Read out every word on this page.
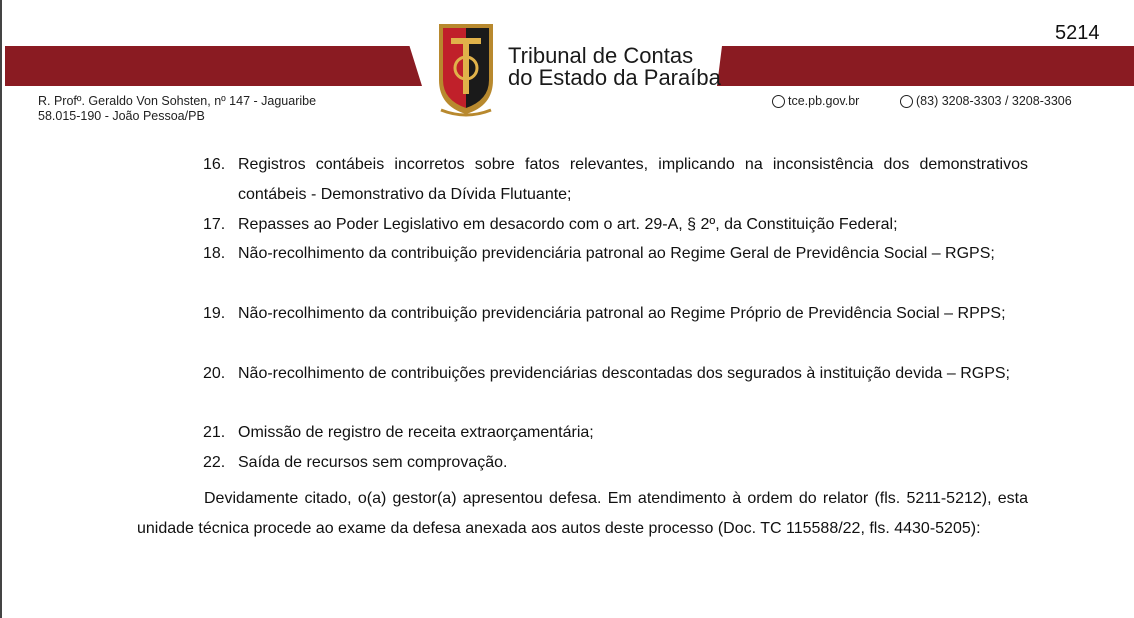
5214
Tribunal de Contas
do Estado da Paraíba
R. Profº. Geraldo Von Sohsten, nº 147 - Jaguaribe
58.015-190 - João Pessoa/PB
tce.pb.gov.br	(83) 3208-3303 / 3208-3306
16. Registros contábeis incorretos sobre fatos relevantes, implicando na inconsistência dos demonstrativos contábeis - Demonstrativo da Dívida Flutuante;
17. Repasses ao Poder Legislativo em desacordo com o art. 29-A, § 2º, da Constituição Federal;
18. Não-recolhimento da contribuição previdenciária patronal ao Regime Geral de Previdência Social – RGPS;
19. Não-recolhimento da contribuição previdenciária patronal ao Regime Próprio de Previdência Social – RPPS;
20. Não-recolhimento de contribuições previdenciárias descontadas dos segurados à instituição devida – RGPS;
21. Omissão de registro de receita extraorçamentária;
22. Saída de recursos sem comprovação.
Devidamente citado, o(a) gestor(a) apresentou defesa. Em atendimento à ordem do relator (fls. 5211-5212), esta unidade técnica procede ao exame da defesa anexada aos autos deste processo (Doc. TC 115588/22, fls. 4430-5205):
